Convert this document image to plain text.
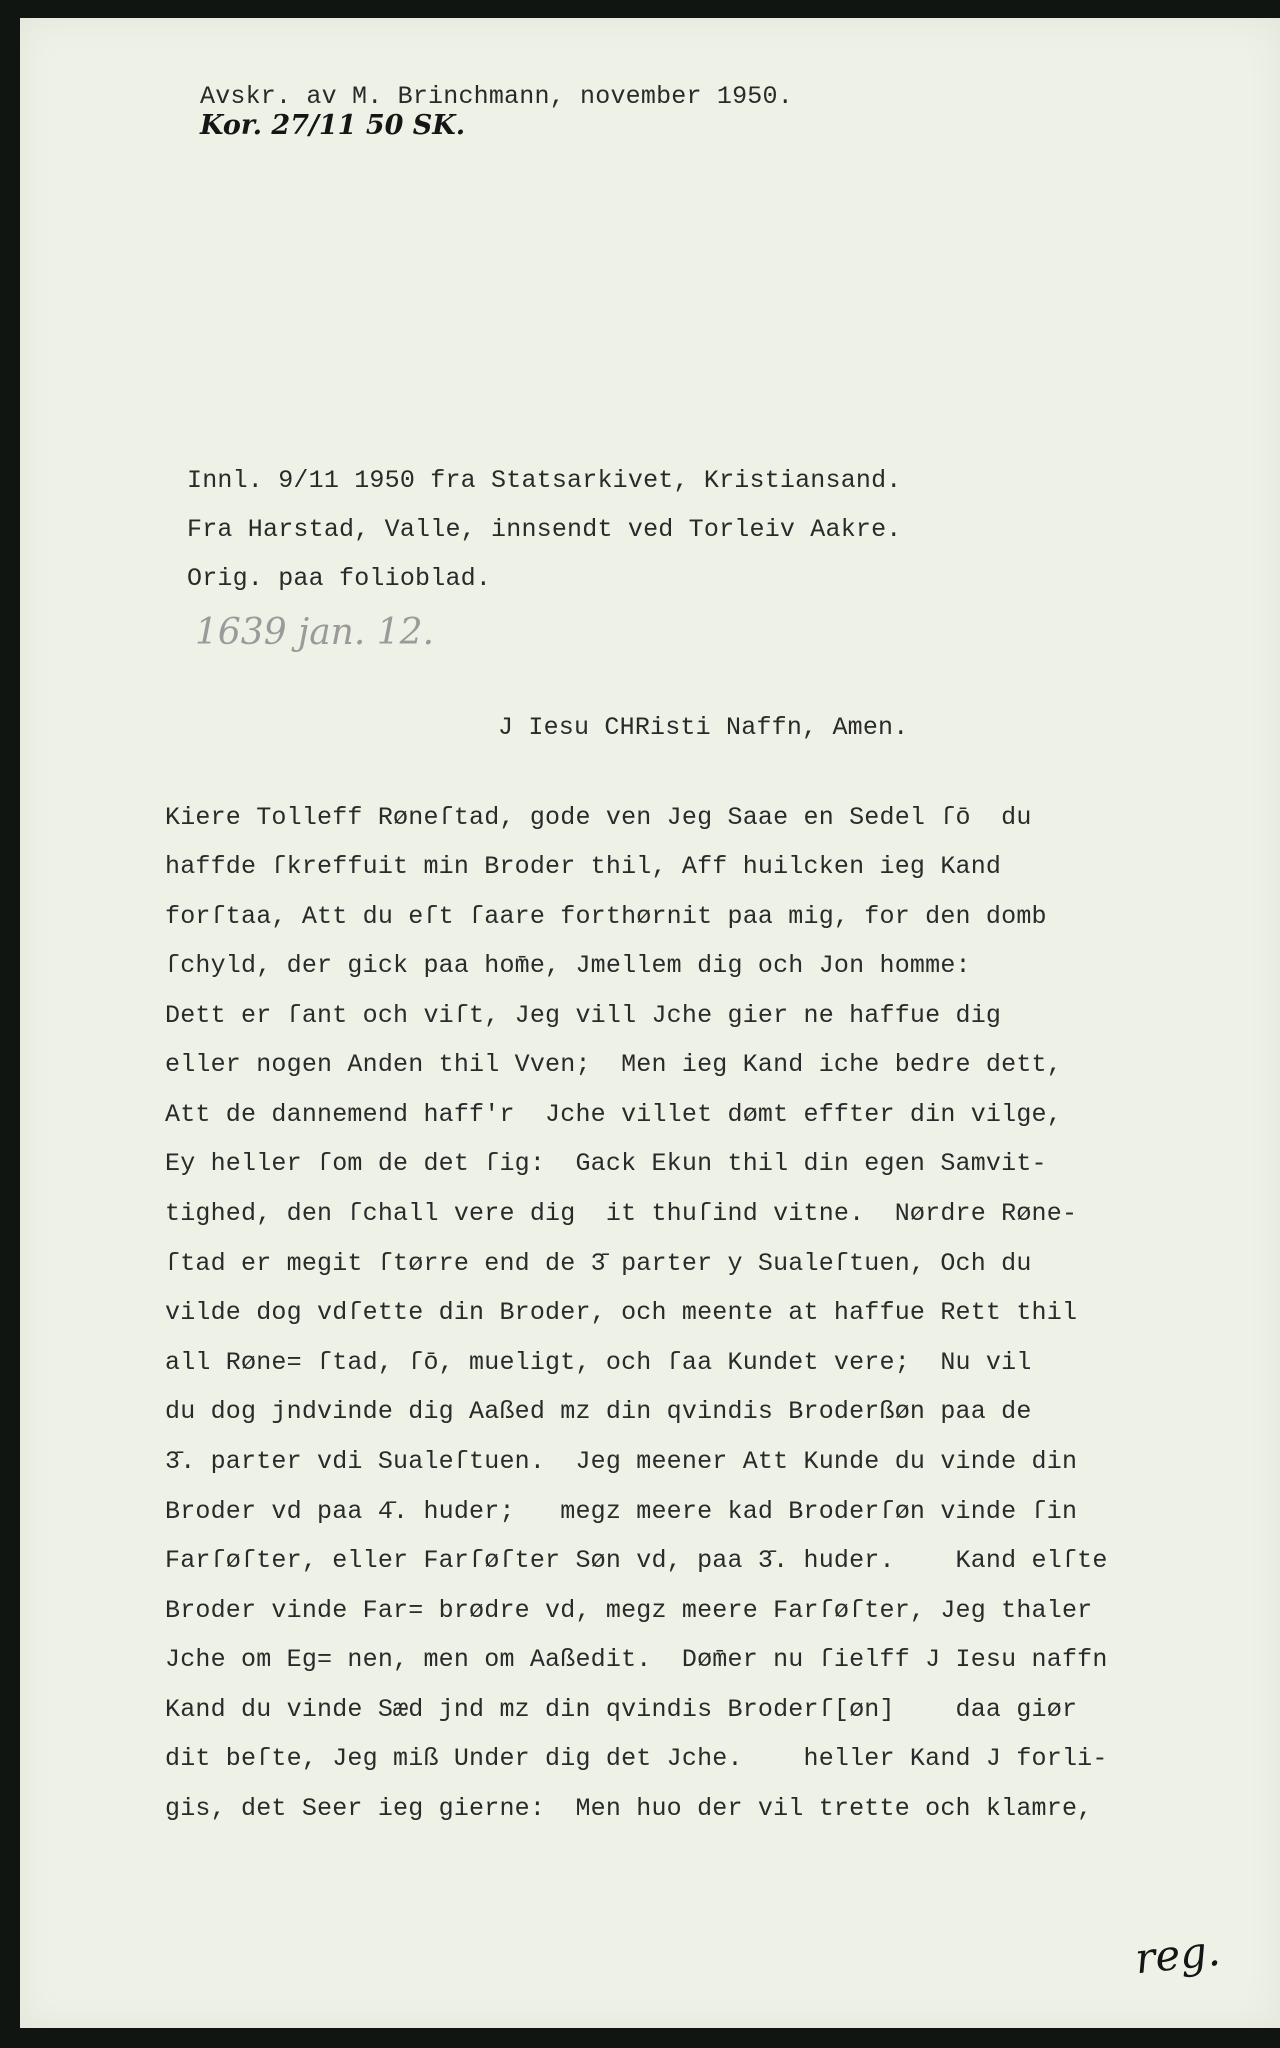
Avskr. av M. Brinchmann, november 1950.
Kor. 27/11 50 SK.
Innl. 9/11 1950 fra Statsarkivet, Kristiansand.
Fra Harstad, Valle, innsendt ved Torleiv Aakre.
Orig. paa folioblad.
1639 jan. 12.
J Iesu CHRisti Naffn, Amen.
Kiere Tolleff Røneſtad, gode ven Jeg Saae en Sedel ſō  du
haffde ſkreffuit min Broder thil, Aff huilcken ieg Kand
forſtaa, Att du eſt ſaare forthørnit paa mig, for den domb
ſchyld, der gick paa hom̄e, Jmellem dig och Jon homme:
Dett er ſant och viſt, Jeg vill Jche gier ne haffue dig
eller nogen Anden thil Vven;  Men ieg Kand iche bedre dett,
Att de dannemend haff'r  Jche villet dømt effter din vilge,
Ey heller ſom de det ſig:  Gack Ekun thil din egen Samvit-
tighed, den ſchall vere dig  it thuſind vitne.  Nørdre Røne-
ſtad er megit ſtørre end de 3̄ parter y Sualeſtuen, Och du
vilde dog vdſette din Broder, och meente at haffue Rett thil
all Røne= ſtad, ſō, mueligt, och ſaa Kundet vere;  Nu vil
du dog jndvinde dig Aaßed mz din qvindis Broderßøn paa de
3̄. parter vdi Sualeſtuen.  Jeg meener Att Kunde du vinde din
Broder vd paa 4̄. huder;   megz meere kad Broderſøn vinde ſin
Farſøſter, eller Farſøſter Søn vd, paa 3̄. huder.    Kand elſte
Broder vinde Far= brødre vd, megz meere Farſøſter, Jeg thaler
Jche om Eg= nen, men om Aaßedit.  Døm̄er nu ſielff J Iesu naffn
Kand du vinde Sæd jnd mz din qvindis Broderſ[øn]    daa giør
dit beſte, Jeg miß Under dig det Jche.    heller Kand J forli-
gis, det Seer ieg gierne:  Men huo der vil trette och klamre,
reg.
